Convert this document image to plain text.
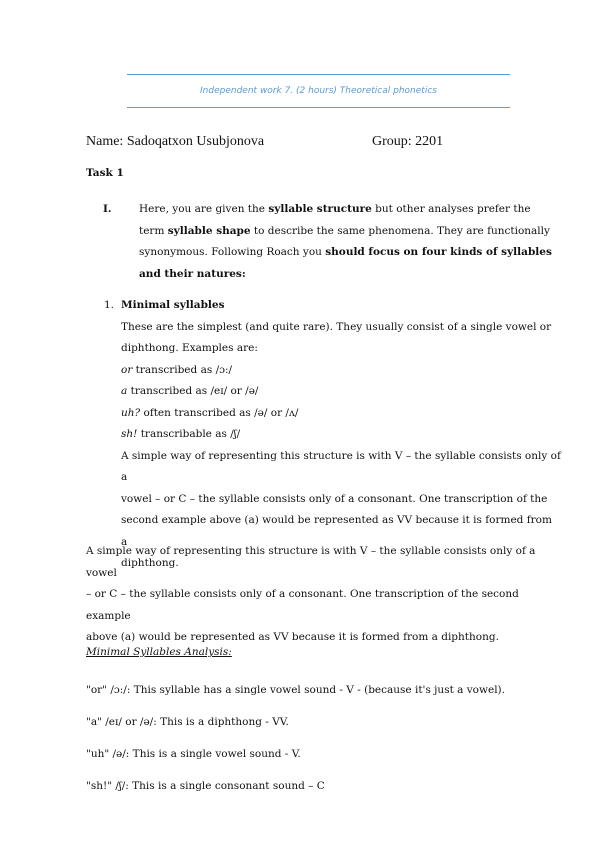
Independent work 7. (2 hours) Theoretical phonetics
Name: Sadoqatxon Usubjonova	Group: 2201
Task 1
I.	Here, you are given the syllable structure but other analyses prefer the
term syllable shape to describe the same phenomena. They are functionally
synonymous. Following Roach you should focus on four kinds of syllables
and their natures:
1. Minimal syllables
These are the simplest (and quite rare). They usually consist of a single vowel or
diphthong. Examples are:
or transcribed as /ɔ:/
a transcribed as /eɪ/ or /ə/
uh? often transcribed as /ə/ or /ʌ/
sh! transcribable as /ʃ/
A simple way of representing this structure is with V – the syllable consists only of a
vowel – or C – the syllable consists only of a consonant. One transcription of the
second example above (a) would be represented as VV because it is formed from a
diphthong.
A simple way of representing this structure is with V – the syllable consists only of a vowel
– or C – the syllable consists only of a consonant. One transcription of the second example
above (a) would be represented as VV because it is formed from a diphthong.
Minimal Syllables Analysis:
"or" /ɔ:/: This syllable has a single vowel sound - V - (because it's just a vowel).
"a" /eɪ/ or /ə/: This is a diphthong - VV.
"uh" /ə/: This is a single vowel sound - V.
"sh!" /ʃ/: This is a single consonant sound – C
